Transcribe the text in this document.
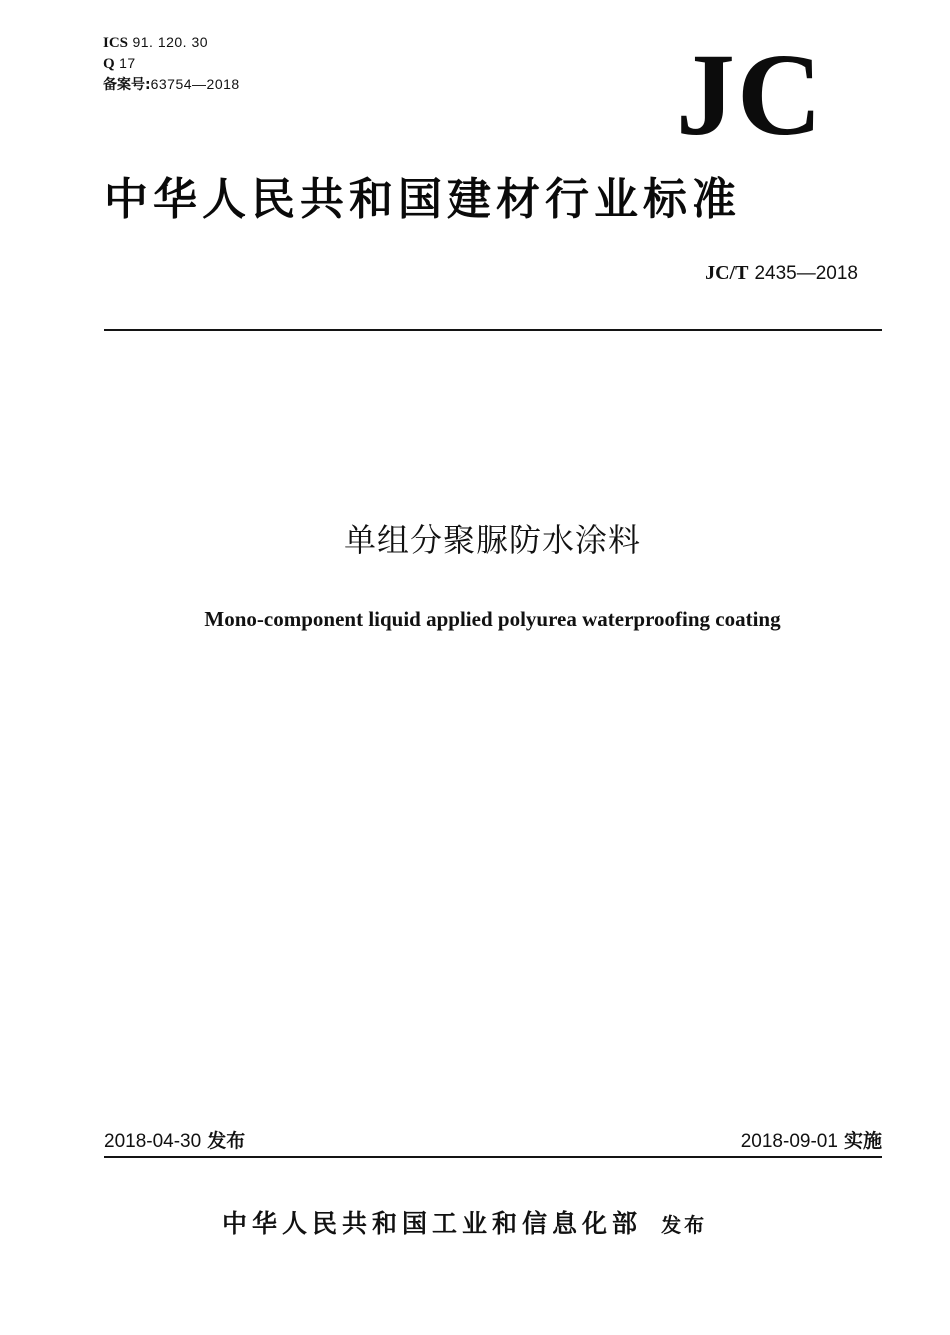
ICS 91. 120. 30
Q 17
备案号:63754—2018	JC
中华人民共和国建材行业标准
JC/T 2435—2018
单组分聚脲防水涂料
Mono-component liquid applied polyurea waterproofing coating
2018-04-30 发布	2018-09-01 实施
中华人民共和国工业和信息化部 发布
